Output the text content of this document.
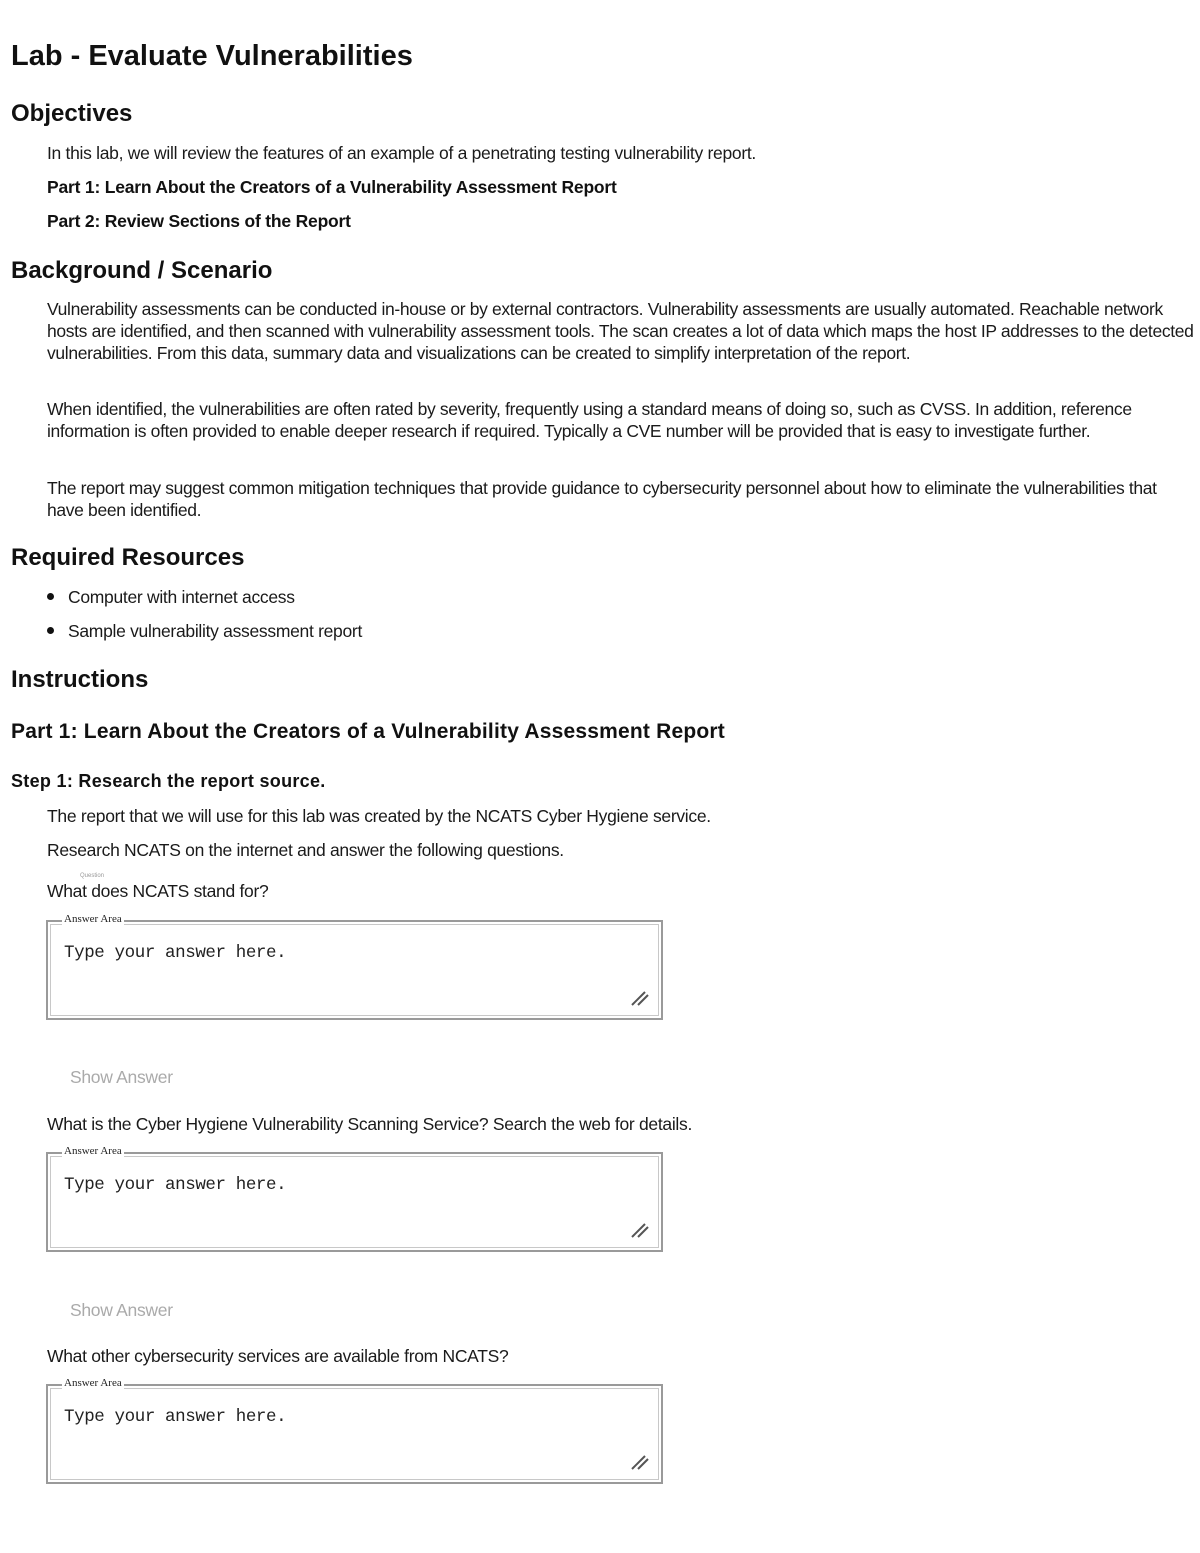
Lab - Evaluate Vulnerabilities
Objectives
In this lab, we will review the features of an example of a penetrating testing vulnerability report.
Part 1: Learn About the Creators of a Vulnerability Assessment Report
Part 2: Review Sections of the Report
Background / Scenario
Vulnerability assessments can be conducted in-house or by external contractors. Vulnerability assessments are usually automated. Reachable network hosts are identified, and then scanned with vulnerability assessment tools. The scan creates a lot of data which maps the host IP addresses to the detected vulnerabilities. From this data, summary data and visualizations can be created to simplify interpretation of the report.
When identified, the vulnerabilities are often rated by severity, frequently using a standard means of doing so, such as CVSS. In addition, reference information is often provided to enable deeper research if required. Typically a CVE number will be provided that is easy to investigate further.
The report may suggest common mitigation techniques that provide guidance to cybersecurity personnel about how to eliminate the vulnerabilities that have been identified.
Required Resources
Computer with internet access
Sample vulnerability assessment report
Instructions
Part 1: Learn About the Creators of a Vulnerability Assessment Report
Step 1: Research the report source.
The report that we will use for this lab was created by the NCATS Cyber Hygiene service.
Research NCATS on the internet and answer the following questions.
Question
What does NCATS stand for?
Answer Area
Type your answer here.
Show Answer
What is the Cyber Hygiene Vulnerability Scanning Service? Search the web for details.
Answer Area
Type your answer here.
Show Answer
What other cybersecurity services are available from NCATS?
Answer Area
Type your answer here.
